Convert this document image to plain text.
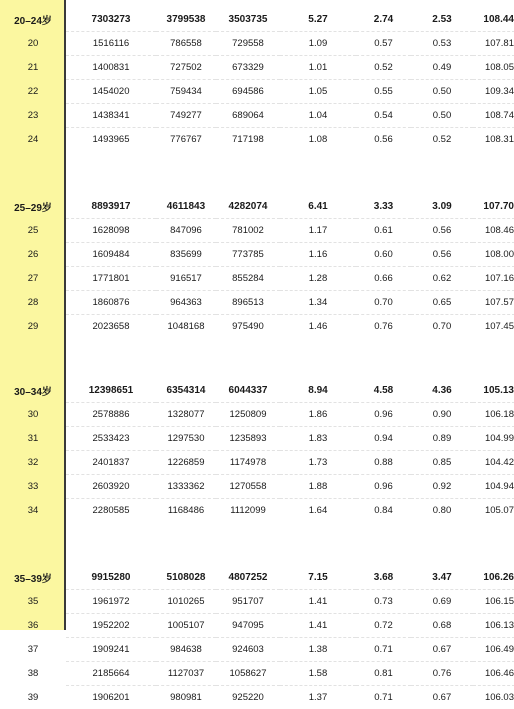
20–24岁	7303273	3799538	3503735	5.27	2.74	2.53	108.44
20	1516116	786558	729558	1.09	0.57	0.53	107.81
21	1400831	727502	673329	1.01	0.52	0.49	108.05
22	1454020	759434	694586	1.05	0.55	0.50	109.34
23	1438341	749277	689064	1.04	0.54	0.50	108.74
24	1493965	776767	717198	1.08	0.56	0.52	108.31

25–29岁	8893917	4611843	4282074	6.41	3.33	3.09	107.70
25	1628098	847096	781002	1.17	0.61	0.56	108.46
26	1609484	835699	773785	1.16	0.60	0.56	108.00
27	1771801	916517	855284	1.28	0.66	0.62	107.16
28	1860876	964363	896513	1.34	0.70	0.65	107.57
29	2023658	1048168	975490	1.46	0.76	0.70	107.45

30–34岁	12398651	6354314	6044337	8.94	4.58	4.36	105.13
30	2578886	1328077	1250809	1.86	0.96	0.90	106.18
31	2533423	1297530	1235893	1.83	0.94	0.89	104.99
32	2401837	1226859	1174978	1.73	0.88	0.85	104.42
33	2603920	1333362	1270558	1.88	0.96	0.92	104.94
34	2280585	1168486	1112099	1.64	0.84	0.80	105.07

35–39岁	9915280	5108028	4807252	7.15	3.68	3.47	106.26
35	1961972	1010265	951707	1.41	0.73	0.69	106.15
36	1952202	1005107	947095	1.41	0.72	0.68	106.13
37	1909241	984638	924603	1.38	0.71	0.67	106.49
38	2185664	1127037	1058627	1.58	0.81	0.76	106.46
39	1906201	980981	925220	1.37	0.71	0.67	106.03
